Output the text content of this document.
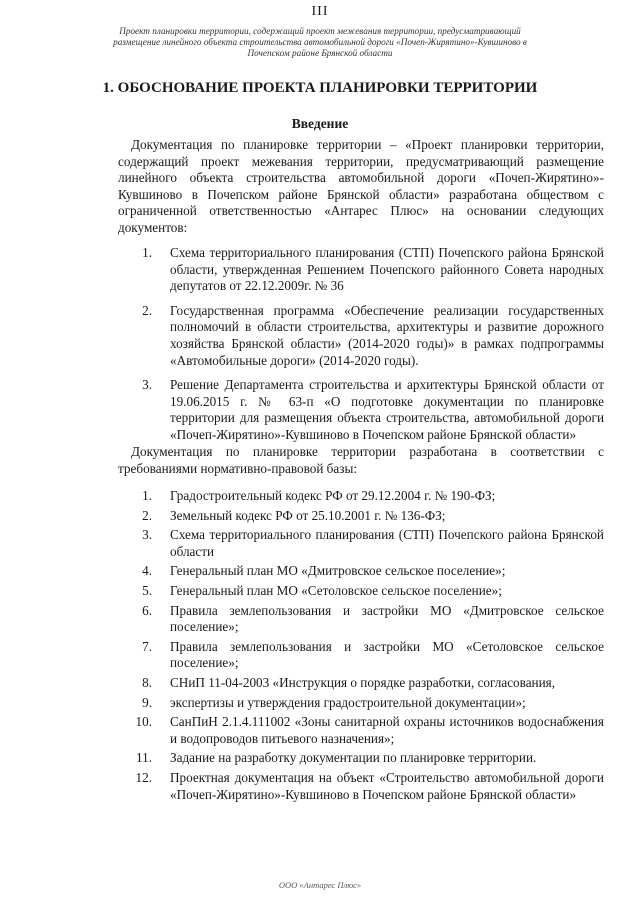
III
Проект планировки территории, содержащий проект межевания территории, предусматривающий размещение линейного объекта строительства автомобильной дороги «Почеп-Жирятино»-Кувшиново в Почепском районе Брянской области
1. ОБОСНОВАНИЕ ПРОЕКТА ПЛАНИРОВКИ ТЕРРИТОРИИ
Введение

Документация по планировке территории – «Проект планировки территории, содержащий проект межевания территории, предусматривающий размещение линейного объекта строительства автомобильной дороги «Почеп-Жирятино»-Кувшиново в Почепском районе Брянской области» разработана обществом с ограниченной ответственностью «Антарес Плюс» на основании следующих документов:

1. Схема территориального планирования (СТП) Почепского района Брянской области, утвержденная Решением Почепского районного Совета народных депутатов от 22.12.2009г. № 36
2. Государственная программа «Обеспечение реализации государственных полномочий в области строительства, архитектуры и развитие дорожного хозяйства Брянской области» (2014-2020 годы)» в рамках подпрограммы «Автомобильные дороги» (2014-2020 годы).
3. Решение Департамента строительства и архитектуры Брянской области от 19.06.2015 г. № 63-п «О подготовке документации по планировке территории для размещения объекта строительства, автомобильной дороги «Почеп-Жирятино»-Кувшиново в Почепском районе Брянской области»

Документация по планировке территории разработана в соответствии с требованиями нормативно-правовой базы:

1. Градостроительный кодекс РФ от 29.12.2004 г. № 190-ФЗ;
2. Земельный кодекс РФ от 25.10.2001 г. № 136-ФЗ;
3. Схема территориального планирования (СТП) Почепского района Брянской области
4. Генеральный план МО «Дмитровское сельское поселение»;
5. Генеральный план МО «Сетоловское сельское поселение»;
6. Правила землепользования и застройки МО «Дмитровское сельское поселение»;
7. Правила землепользования и застройки МО «Сетоловское сельское поселение»;
8. СНиП 11-04-2003 «Инструкция о порядке разработки, согласования,
9. экспертизы и утверждения градостроительной документации»;
10. СанПиН 2.1.4.111002 «Зоны санитарной охраны источников водоснабжения и водопроводов питьевого назначения»;
11. Задание на разработку документации по планировке территории.
12. Проектная документация на объект «Строительство автомобильной дороги «Почеп-Жирятино»-Кувшиново в Почепском районе Брянской области»
ООО «Антарес Плюс»
